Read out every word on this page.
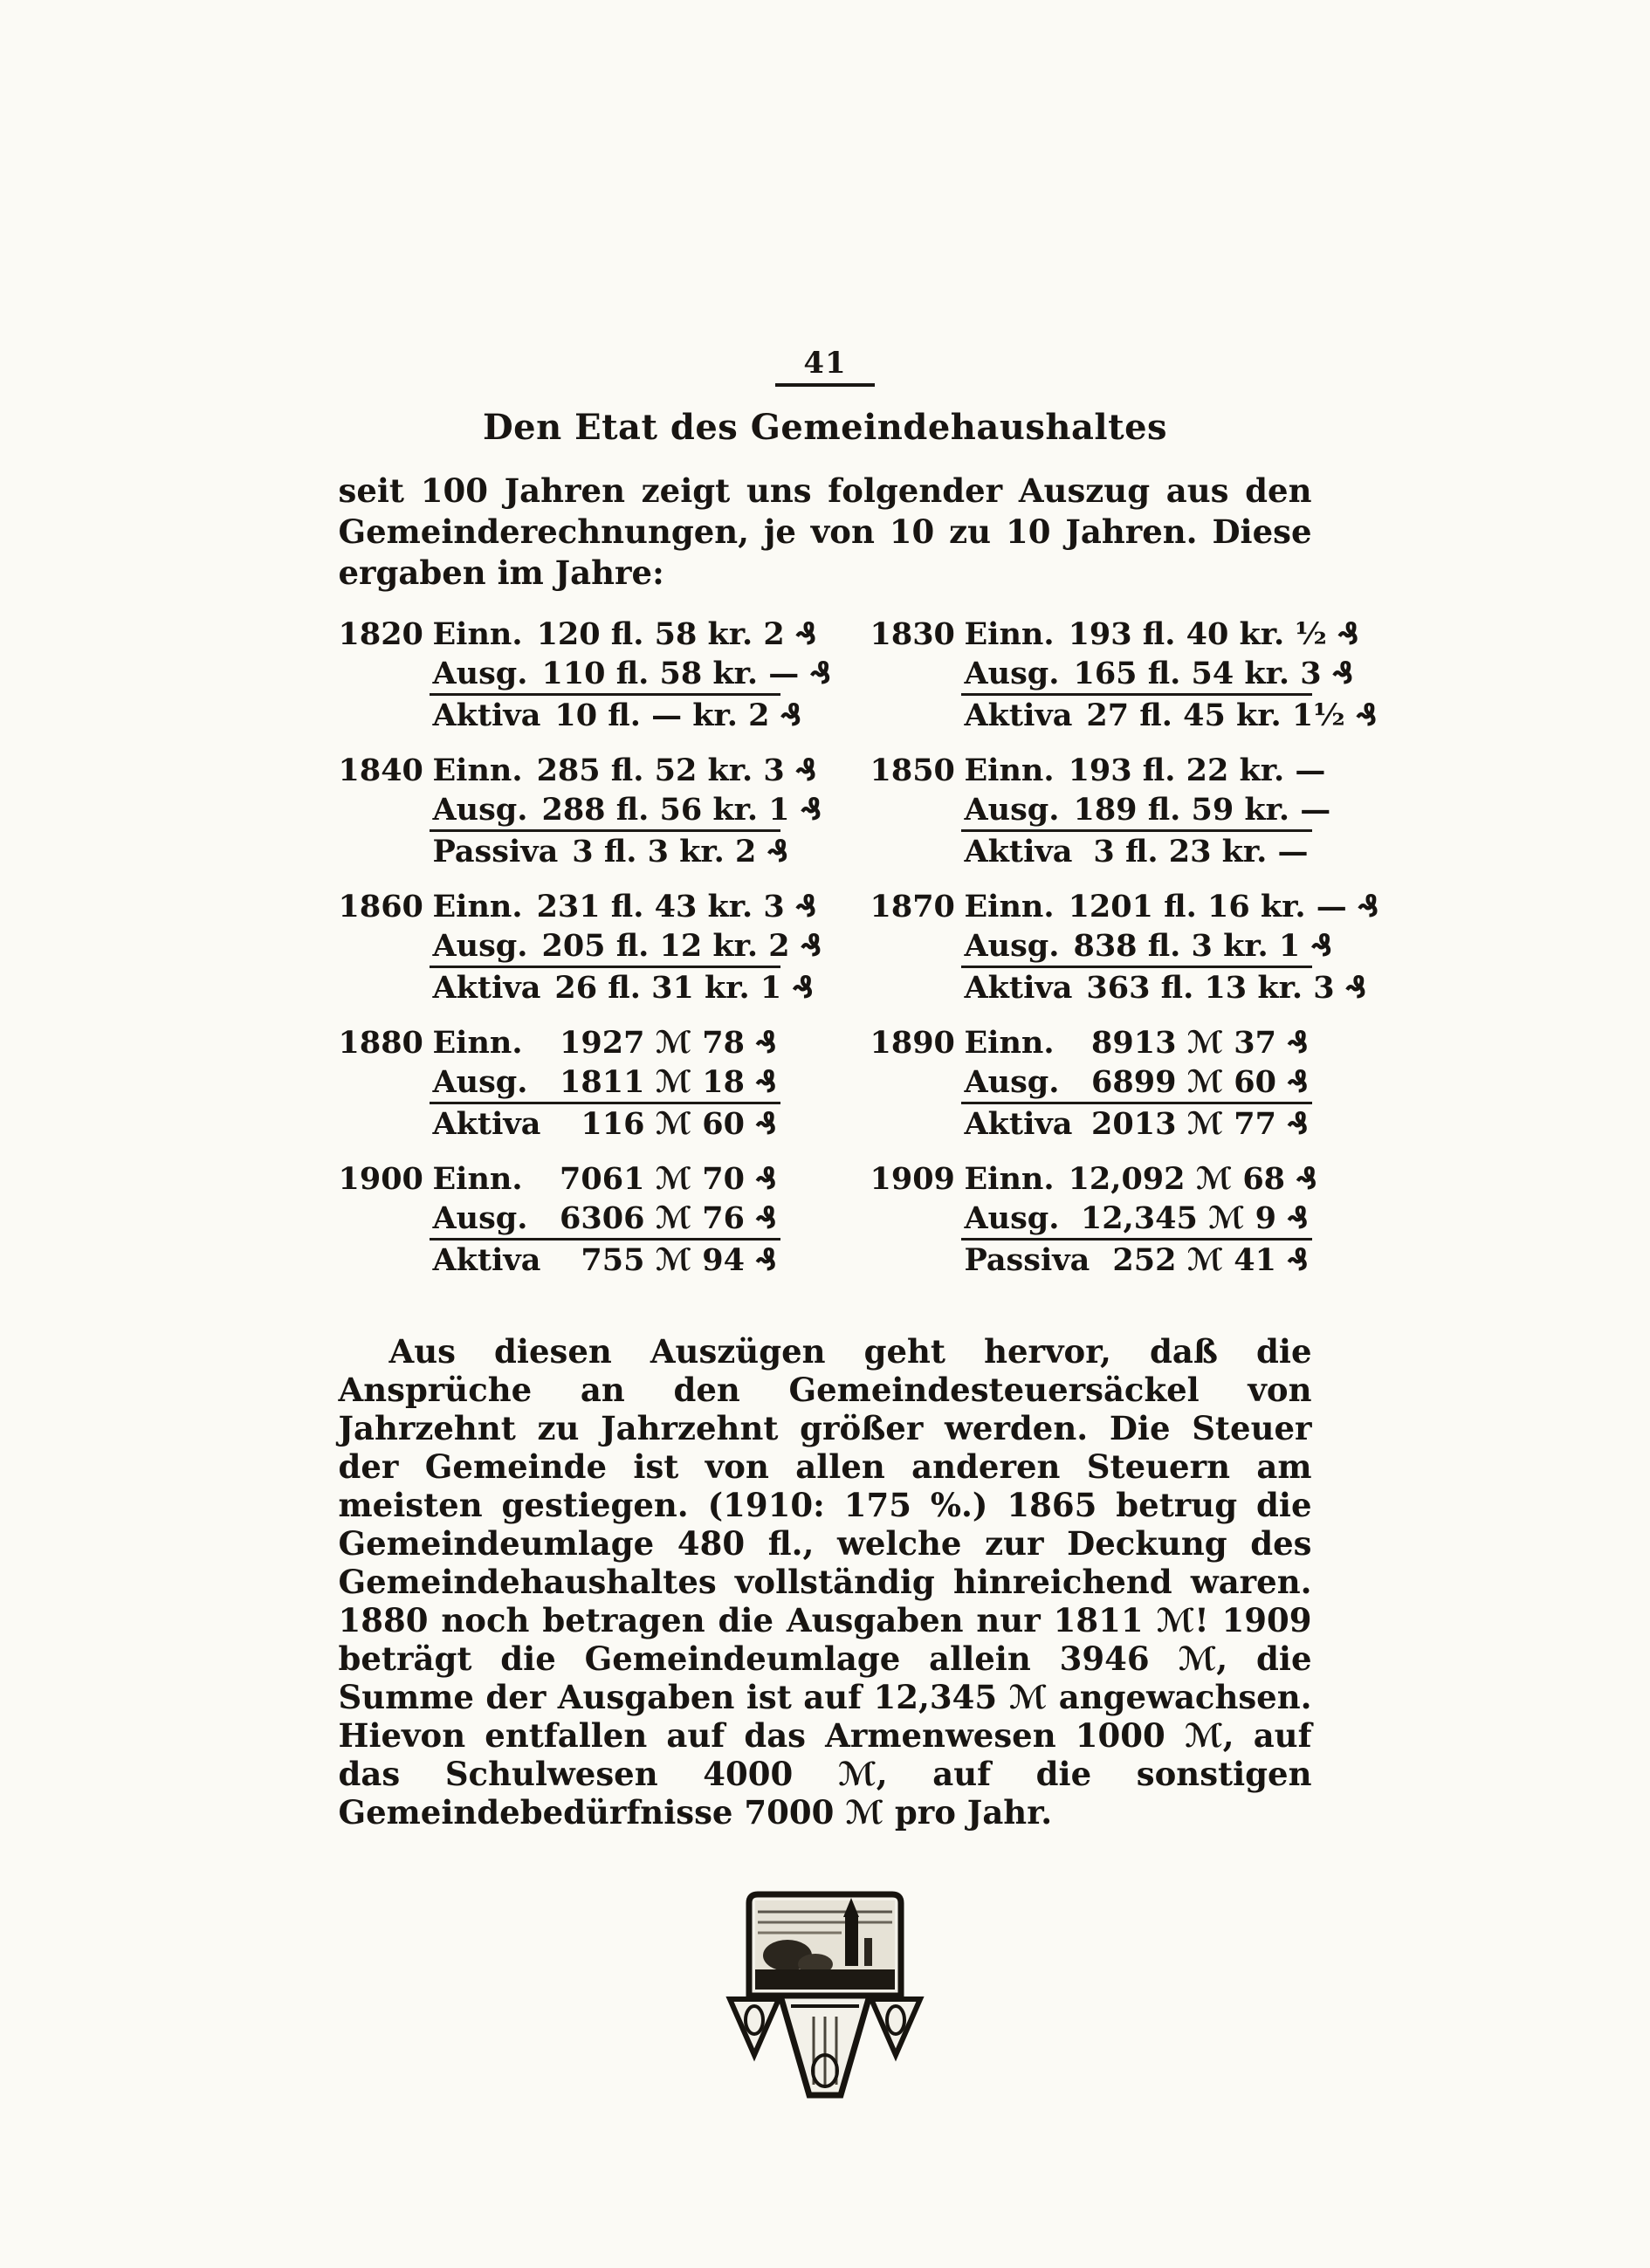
41
Den Etat des Gemeindehaushaltes

seit 100 Jahren zeigt uns folgender Auszug aus den Gemeinderechnungen, je von 10 zu 10 Jahren. Diese ergaben im Jahre:

1820 Einn. 120 fl. 58 kr. 2 ₰
Ausg. 110 fl. 58 kr. — ₰
Aktiva 10 fl. — kr. 2 ₰
1840 Einn. 285 fl. 52 kr. 3 ₰
Ausg. 288 fl. 56 kr. 1 ₰
Passiva 3 fl. 3 kr. 2 ₰
1860 Einn. 231 fl. 43 kr. 3 ₰
Ausg. 205 fl. 12 kr. 2 ₰
Aktiva 26 fl. 31 kr. 1 ₰
1880 Einn. 1927 ℳ 78 ₰
Ausg. 1811 ℳ 18 ₰
Aktiva 116 ℳ 60 ₰
1900 Einn. 7061 ℳ 70 ₰
Ausg. 6306 ℳ 76 ₰
Aktiva 755 ℳ 94 ₰
1830 Einn. 193 fl. 40 kr. ½ ₰
Ausg. 165 fl. 54 kr. 3 ₰
Aktiva 27 fl. 45 kr. 1½ ₰
1850 Einn. 193 fl. 22 kr. —
Ausg. 189 fl. 59 kr. —
Aktiva 3 fl. 23 kr. —
1870 Einn. 1201 fl. 16 kr. — ₰
Ausg. 838 fl. 3 kr. 1 ₰
Aktiva 363 fl. 13 kr. 3 ₰
1890 Einn. 8913 ℳ 37 ₰
Ausg. 6899 ℳ 60 ₰
Aktiva 2013 ℳ 77 ₰
1909 Einn. 12,092 ℳ 68 ₰
Ausg. 12,345 ℳ 9 ₰
Passiva 252 ℳ 41 ₰

Aus diesen Auszügen geht hervor, daß die Ansprüche an den Gemeindesteuersäckel von Jahrzehnt zu Jahrzehnt größer werden. Die Steuer der Gemeinde ist von allen anderen Steuern am meisten gestiegen. (1910: 175 %.) 1865 betrug die Gemeindeumlage 480 fl., welche zur Deckung des Gemeindehaushaltes vollständig hinreichend waren. 1880 noch betragen die Ausgaben nur 1811 ℳ! 1909 beträgt die Gemeindeumlage allein 3946 ℳ, die Summe der Ausgaben ist auf 12,345 ℳ angewachsen. Hievon entfallen auf das Armenwesen 1000 ℳ, auf das Schulwesen 4000 ℳ, auf die sonstigen Gemeindebedürfnisse 7000 ℳ pro Jahr.
